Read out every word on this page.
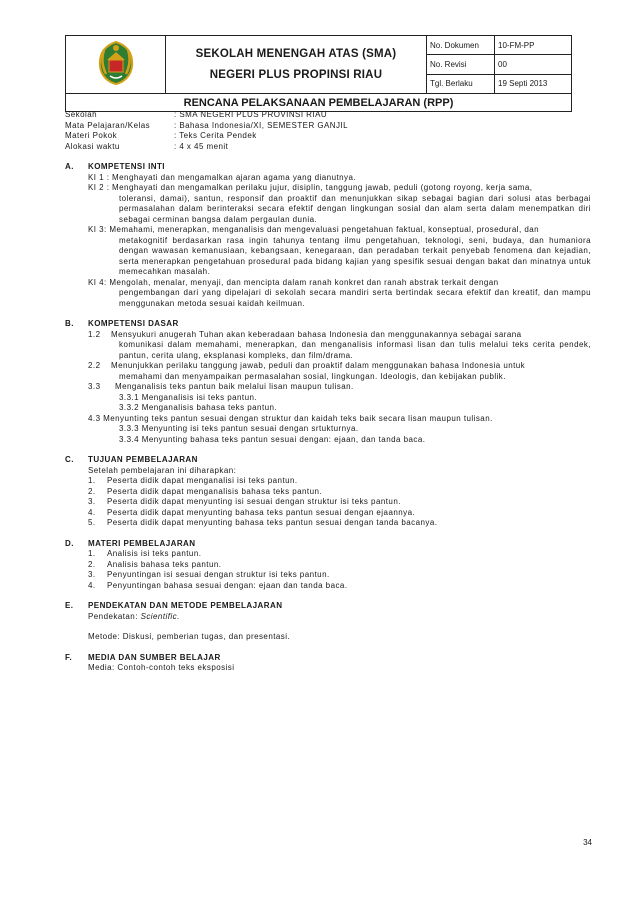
SEKOLAH MENENGAH ATAS (SMA)
NEGERI PLUS PROPINSI RIAU	No. Dokumen	10-FM-PP
		No. Revisi	00
		Tgl. Berlaku	19 Septi 2013
RENCANA PELAKSANAAN PEMBELAJARAN (RPP)			
Sekolah	: SMA NEGERI PLUS PROVINSI RIAU
Mata Pelajaran/Kelas	: Bahasa Indonesia/XI, SEMESTER GANJIL
Materi Pokok	: Teks Cerita Pendek
Alokasi waktu	: 4 x 45 menit
A. KOMPETENSI INTI
KI 1 : Menghayati dan mengamalkan ajaran agama yang dianutnya.
KI 2 : Menghayati dan mengamalkan perilaku jujur, disiplin, tanggung jawab, peduli (gotong royong, kerja sama,
toleransi, damai), santun, responsif dan proaktif dan menunjukkan sikap sebagai bagian dari solusi atas berbagai permasalahan dalam berinteraksi secara efektif dengan lingkungan sosial dan alam serta dalam menempatkan diri sebagai cerminan bangsa dalam pergaulan dunia.
KI 3: Memahami, menerapkan, menganalisis dan mengevaluasi pengetahuan faktual, konseptual, prosedural, dan
metakognitif berdasarkan rasa ingin tahunya tentang ilmu pengetahuan, teknologi, seni, budaya, dan humaniora dengan wawasan kemanusiaan, kebangsaan, kenegaraan, dan peradaban terkait penyebab fenomena dan kejadian, serta menerapkan pengetahuan prosedural pada bidang kajian yang spesifik sesuai dengan bakat dan minatnya untuk memecahkan masalah.
KI 4: Mengolah, menalar, menyaji, dan mencipta dalam ranah konkret dan ranah abstrak terkait dengan
pengembangan dari yang dipelajari di sekolah secara mandiri serta bertindak secara efektif dan kreatif, dan mampu menggunakan metoda sesuai kaidah keilmuan.
B. KOMPETENSI DASAR
1.2 Mensyukuri anugerah Tuhan akan keberadaan bahasa Indonesia dan menggunakannya sebagai sarana
komunikasi dalam memahami, menerapkan, dan menganalisis informasi lisan dan tulis melalui teks cerita pendek, pantun, cerita ulang, eksplanasi kompleks, dan film/drama.
2.2 Menunjukkan perilaku tanggung jawab, peduli dan proaktif dalam menggunakan bahasa Indonesia untuk
memahami dan menyampaikan permasalahan sosial, lingkungan. Ideologis, dan kebijakan publik.
3.3 Menganalisis teks pantun baik melalui lisan maupun tulisan.
3.3.1 Menganalisis isi teks pantun.
3.3.2 Menganalisis bahasa teks pantun.
4.3 Menyunting teks pantun sesuai dengan struktur dan kaidah teks baik secara lisan maupun tulisan.
3.3.3 Menyunting isi teks pantun sesuai dengan srtukturnya.
3.3.4 Menyunting bahasa teks pantun sesuai dengan: ejaan, dan tanda baca.
C. TUJUAN PEMBELAJARAN
Setelah pembelajaran ini diharapkan:
1. Peserta didik dapat menganalisi isi teks pantun.
2. Peserta didik dapat menganalisis bahasa teks pantun.
3. Peserta didik dapat menyunting isi sesuai dengan struktur isi teks pantun.
4. Peserta didik dapat menyunting bahasa teks pantun sesuai dengan ejaannya.
5. Peserta didik dapat menyunting bahasa teks pantun sesuai dengan tanda bacanya.
D. MATERI PEMBELAJARAN
1. Analisis isi teks pantun.
2. Analisis bahasa teks pantun.
3. Penyuntingan isi sesuai dengan struktur isi teks pantun.
4. Penyuntingan bahasa sesuai dengan: ejaan dan tanda baca.
E. PENDEKATAN DAN METODE PEMBELAJARAN
Pendekatan: Scientific.
Metode: Diskusi, pemberian tugas, dan presentasi.
F. MEDIA DAN SUMBER BELAJAR
Media: Contoh-contoh teks eksposisi
34
